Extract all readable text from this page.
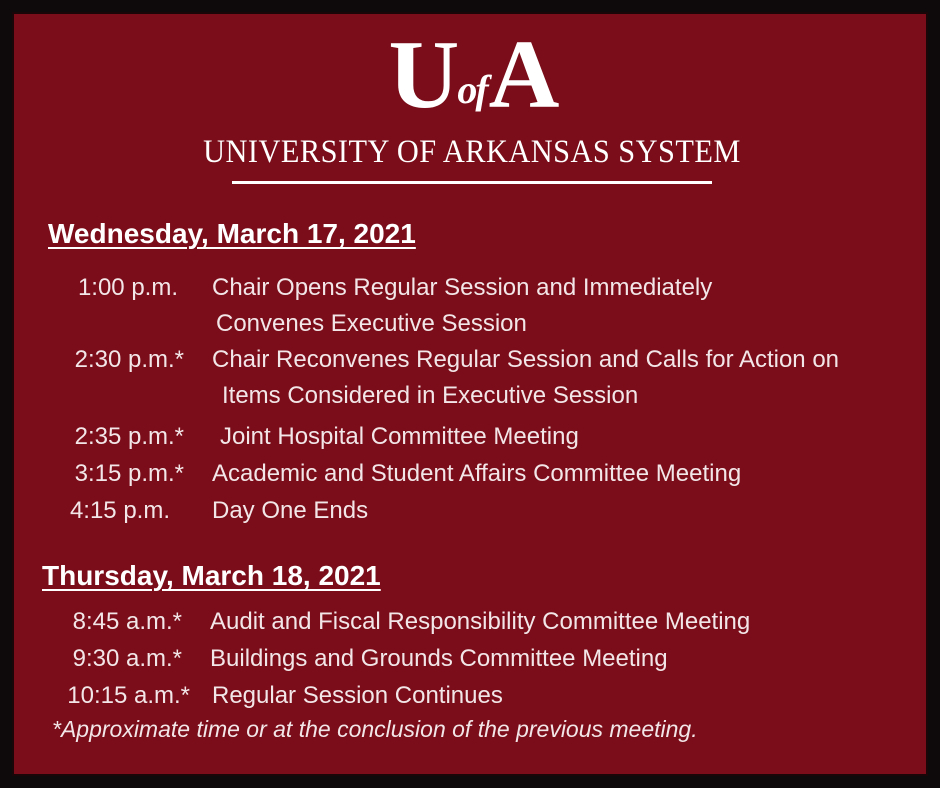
U of A
UNIVERSITY OF ARKANSAS SYSTEM
Wednesday, March 17, 2021
1:00 p.m. Chair Opens Regular Session and Immediately
Convenes Executive Session
2:30 p.m.* Chair Reconvenes Regular Session and Calls for Action on
Items Considered in Executive Session
2:35 p.m.* Joint Hospital Committee Meeting
3:15 p.m.* Academic and Student Affairs Committee Meeting
4:15 p.m. Day One Ends
Thursday, March 18, 2021
8:45 a.m.* Audit and Fiscal Responsibility Committee Meeting
9:30 a.m.* Buildings and Grounds Committee Meeting
10:15 a.m.* Regular Session Continues
*Approximate time or at the conclusion of the previous meeting.
